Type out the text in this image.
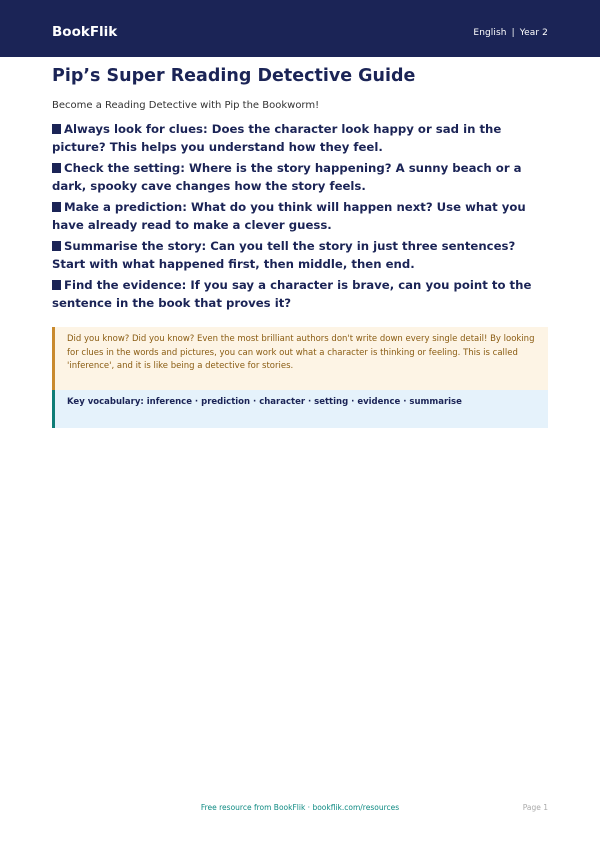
BookFlik	English | Year 2
Pip’s Super Reading Detective Guide
Become a Reading Detective with Pip the Bookworm!
Always look for clues: Does the character look happy or sad in the picture? This helps you understand how they feel.
Check the setting: Where is the story happening? A sunny beach or a dark, spooky cave changes how the story feels.
Make a prediction: What do you think will happen next? Use what you have already read to make a clever guess.
Summarise the story: Can you tell the story in just three sentences? Start with what happened first, then middle, then end.
Find the evidence: If you say a character is brave, can you point to the sentence in the book that proves it?
Did you know? Did you know? Even the most brilliant authors don't write down every single detail! By looking for clues in the words and pictures, you can work out what a character is thinking or feeling. This is called 'inference', and it is like being a detective for stories.
Key vocabulary: inference · prediction · character · setting · evidence · summarise
Free resource from BookFlik · bookflik.com/resources	Page 1
